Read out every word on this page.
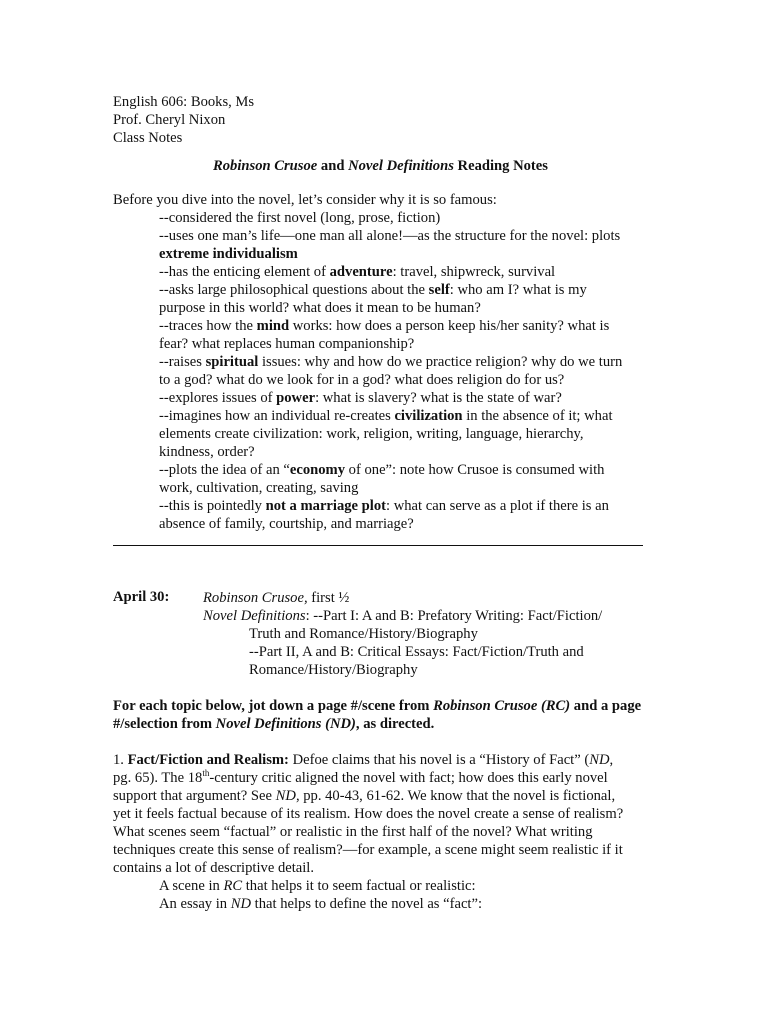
English 606: Books, Ms

Prof. Cheryl Nixon

Class Notes

Robinson Crusoe and Novel Definitions Reading Notes

Before you dive into the novel, let’s consider why it is so famous:

--considered the first novel (long, prose, fiction)

--uses one man’s life—one man all alone!—as the structure for the novel: plots

extreme individualism

--has the enticing element of adventure: travel, shipwreck, survival

--asks large philosophical questions about the self: who am I? what is my

purpose in this world? what does it mean to be human?

--traces how the mind works: how does a person keep his/her sanity? what is

fear? what replaces human companionship?

--raises spiritual issues: why and how do we practice religion? why do we turn

to a god? what do we look for in a god? what does religion do for us?

--explores issues of power: what is slavery? what is the state of war?

--imagines how an individual re-creates civilization in the absence of it; what

elements create civilization: work, religion, writing, language, hierarchy,

kindness, order?

--plots the idea of an “economy of one”: note how Crusoe is consumed with

work, cultivation, creating, saving

--this is pointedly not a marriage plot: what can serve as a plot if there is an

absence of family, courtship, and marriage?

April 30:	Robinson Crusoe, first ½

Novel Definitions: --Part I: A and B: Prefatory Writing: Fact/Fiction/

Truth and Romance/History/Biography

--Part II, A and B: Critical Essays: Fact/Fiction/Truth and

Romance/History/Biography

For each topic below, jot down a page #/scene from Robinson Crusoe (RC) and a page #/selection from Novel Definitions (ND), as directed.

1. Fact/Fiction and Realism: Defoe claims that his novel is a “History of Fact” (ND,

pg. 65). The 18th-century critic aligned the novel with fact; how does this early novel

support that argument? See ND, pp. 40-43, 61-62. We know that the novel is fictional,

yet it feels factual because of its realism. How does the novel create a sense of realism?

What scenes seem “factual” or realistic in the first half of the novel? What writing

techniques create this sense of realism?—for example, a scene might seem realistic if it

contains a lot of descriptive detail.

A scene in RC that helps it to seem factual or realistic:

An essay in ND that helps to define the novel as “fact”:
